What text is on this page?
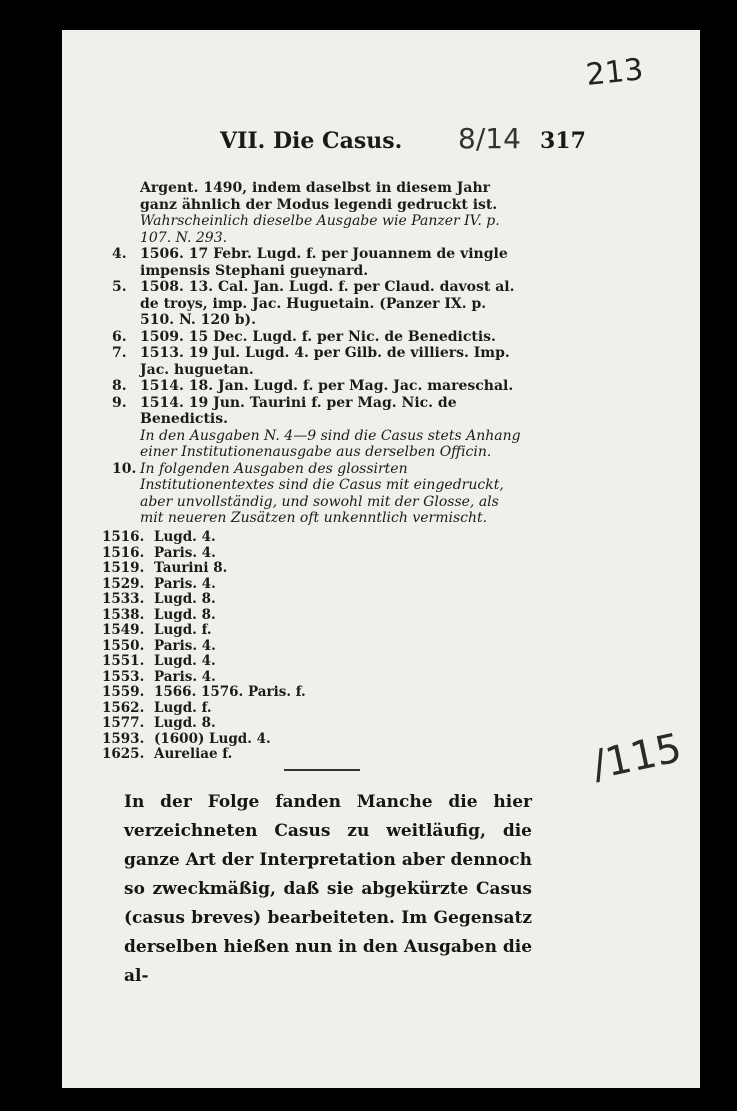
213
VII. Die Casus. 8/14 317
Argent. 1490, indem daselbst in diesem Jahr ganz ähnlich der Modus legendi gedruckt ist.
Wahrscheinlich dieselbe Ausgabe wie Panzer IV. p. 107. N. 293.
4. 1506. 17 Febr. Lugd. f. per Jouannem de vingle impensis Stephani gueynard.
5. 1508. 13. Cal. Jan. Lugd. f. per Claud. davost al. de troys, imp. Jac. Huguetain. (Panzer IX. p. 510. N. 120 b).
6. 1509. 15 Dec. Lugd. f. per Nic. de Benedictis.
7. 1513. 19 Jul. Lugd. 4. per Gilb. de villiers. Imp. Jac. huguetan.
8. 1514. 18. Jan. Lugd. f. per Mag. Jac. mareschal.
9. 1514. 19 Jun. Taurini f. per Mag. Nic. de Benedictis.
In den Ausgaben N. 4—9 sind die Casus stets Anhang einer Institutionenausgabe aus derselben Officin.
10. In folgenden Ausgaben des glossirten Institutionentextes sind die Casus mit eingedruckt, aber unvollständig, und sowohl mit der Glosse, als mit neueren Zusätzen oft unkenntlich vermischt.
1516. Lugd. 4.
1516. Paris. 4.
1519. Taurini 8.
1529. Paris. 4.
1533. Lugd. 8.
1538. Lugd. 8.
1549. Lugd. f.
1550. Paris. 4.
1551. Lugd. 4.
1553. Paris. 4.
1559. 1566. 1576. Paris. f.
1562. Lugd. f.
1577. Lugd. 8.
1593. (1600) Lugd. 4.
1625. Aureliae f.	/115
In der Folge fanden Manche die hier verzeichneten Casus zu weitläufig, die ganze Art der Interpretation aber dennoch so zweckmäßig, daß sie abgekürzte Casus (casus breves) bearbeiteten. Im Gegensatz derselben hießen nun in den Ausgaben die al-
